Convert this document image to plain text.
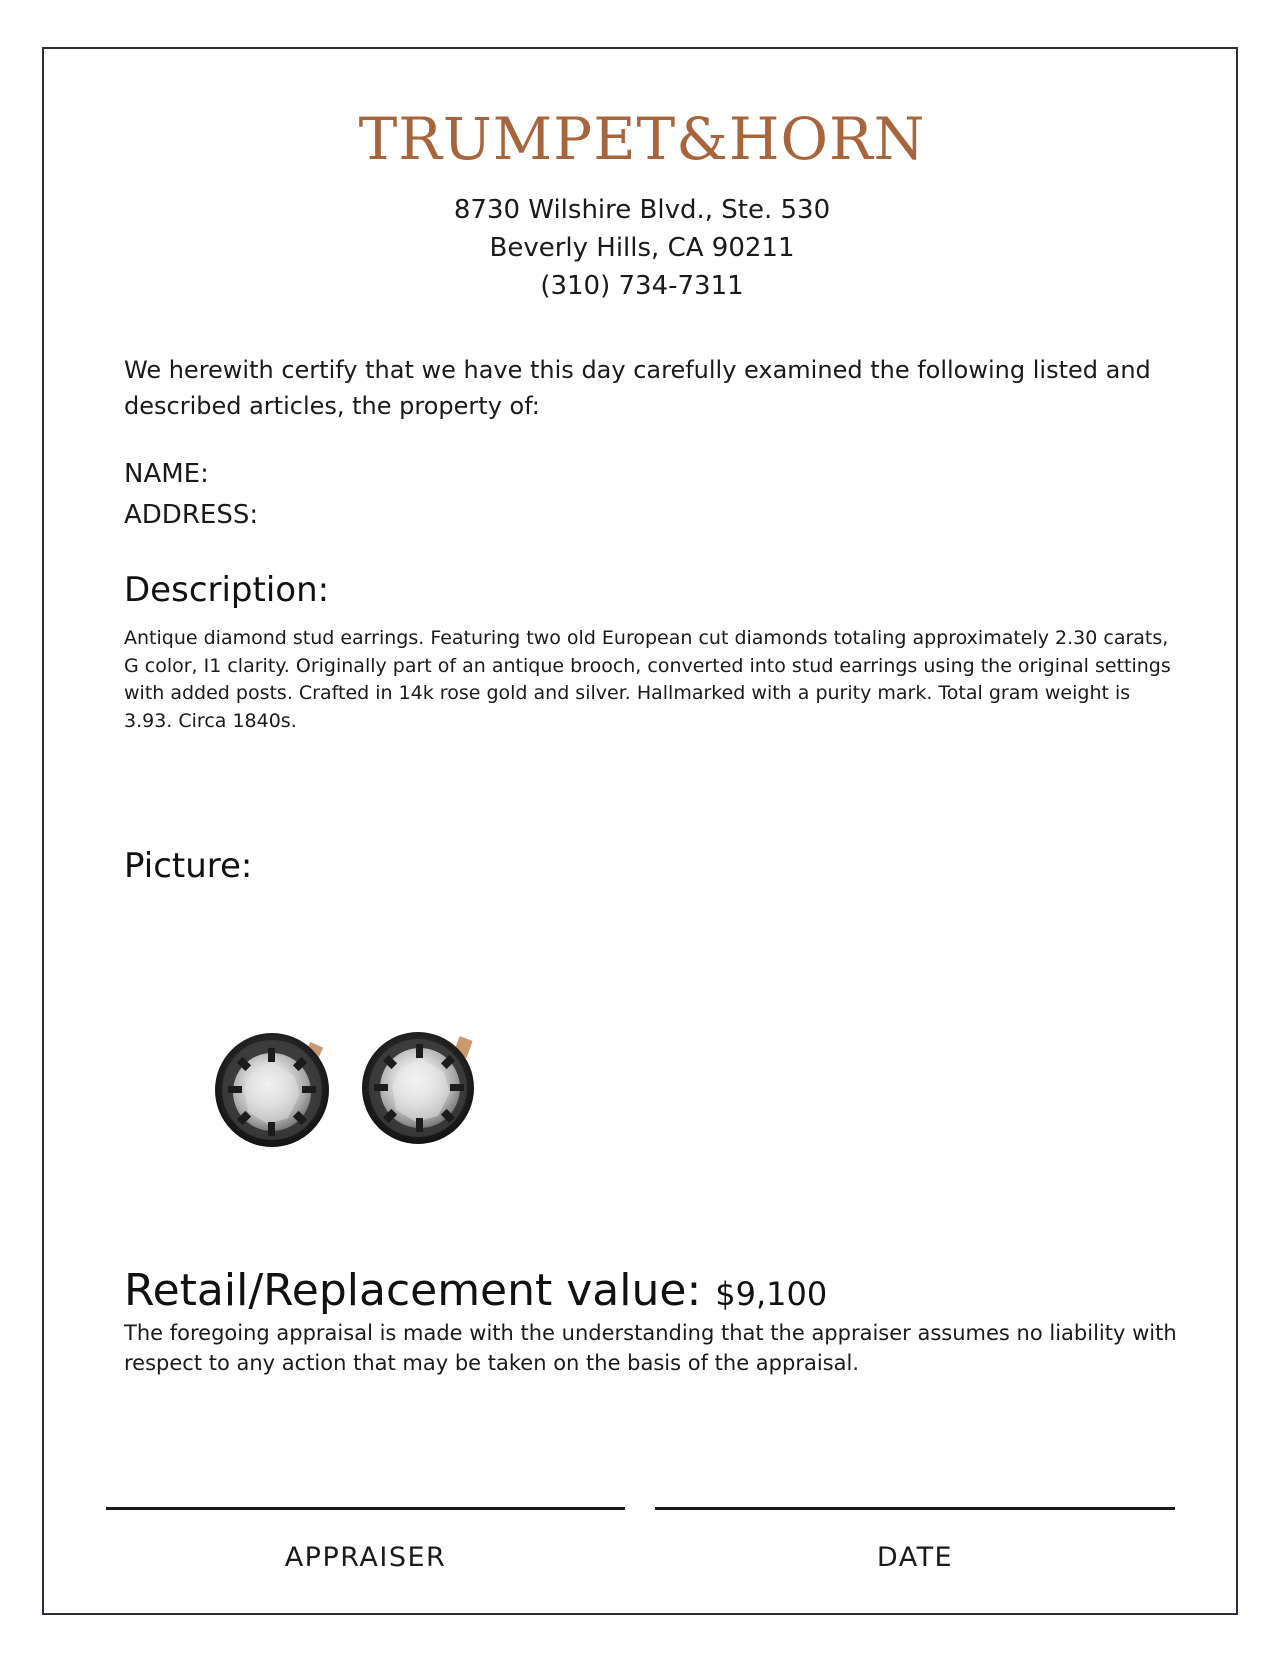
TRUMPET&HORN
8730 Wilshire Blvd., Ste. 530
Beverly Hills, CA 90211
(310) 734-7311
We herewith certify that we have this day carefully examined the following listed and described articles, the property of:
NAME:
ADDRESS:
Description:
Antique diamond stud earrings. Featuring two old European cut diamonds totaling approximately 2.30 carats, G color, I1 clarity. Originally part of an antique brooch, converted into stud earrings using the original settings with added posts. Crafted in 14k rose gold and silver. Hallmarked with a purity mark. Total gram weight is 3.93. Circa 1840s.
Picture:
Retail/Replacement value: $9,100
The foregoing appraisal is made with the understanding that the appraiser assumes no liability with respect to any action that may be taken on the basis of the appraisal.
APPRAISER	DATE
